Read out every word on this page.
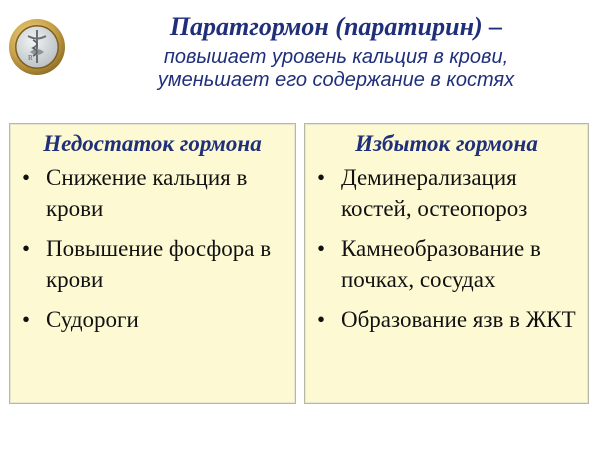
R

Паратгормон (паратирин) –

повышает уровень кальция в крови,
уменьшает его содержание в костях

Недостаток гормона

• Снижение кальция в крови
• Повышение фосфора в крови
• Судороги

Избыток гормона

• Деминерализация костей, остеопороз
• Камнеобразование в почках, сосудах
• Образование язв в ЖКТ
